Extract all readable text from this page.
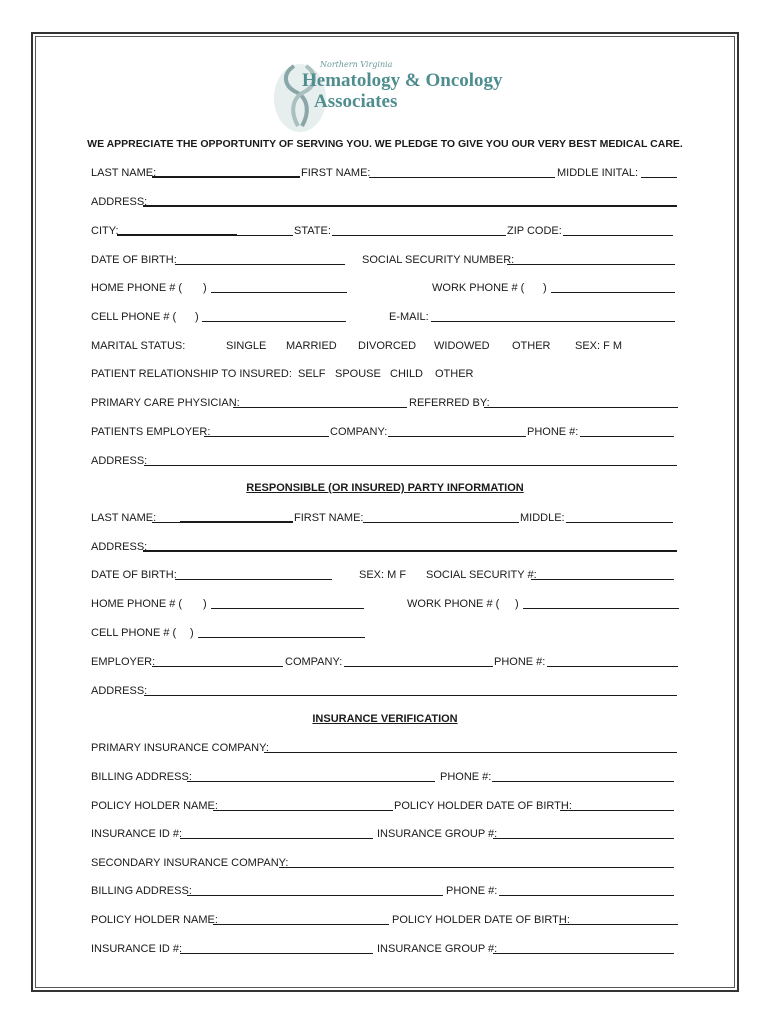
Northern Virginia
Hematology & Oncology
Associates
WE APPRECIATE THE OPPORTUNITY OF SERVING YOU. WE PLEDGE TO GIVE YOU OUR VERY BEST MEDICAL CARE.
LAST NAME:	FIRST NAME:	MIDDLE INITAL:
ADDRESS:
CITY:	STATE:	ZIP CODE:
DATE OF BIRTH:	SOCIAL SECURITY NUMBER:
HOME PHONE # ( )	WORK PHONE # ( )
CELL PHONE # ( )	E-MAIL:
MARITAL STATUS:	SINGLE MARRIED DIVORCED WIDOWED OTHER SEX: F M
PATIENT RELATIONSHIP TO INSURED: SELF SPOUSE CHILD OTHER
PRIMARY CARE PHYSICIAN:	REFERRED BY:
PATIENTS EMPLOYER:	COMPANY:	PHONE #:
ADDRESS:
RESPONSIBLE (OR INSURED) PARTY INFORMATION
LAST NAME:	FIRST NAME:	MIDDLE:
ADDRESS:
DATE OF BIRTH:	SEX: M F SOCIAL SECURITY #:
HOME PHONE # ( )	WORK PHONE # ( )
CELL PHONE # ( )
EMPLOYER:	COMPANY:	PHONE #:
ADDRESS:
INSURANCE VERIFICATION
PRIMARY INSURANCE COMPANY:
BILLING ADDRESS:	PHONE #:
POLICY HOLDER NAME:	POLICY HOLDER DATE OF BIRTH:
INSURANCE ID #:	INSURANCE GROUP #:
SECONDARY INSURANCE COMPANY:
BILLING ADDRESS:	PHONE #:
POLICY HOLDER NAME:	POLICY HOLDER DATE OF BIRTH:
INSURANCE ID #:	INSURANCE GROUP #:
